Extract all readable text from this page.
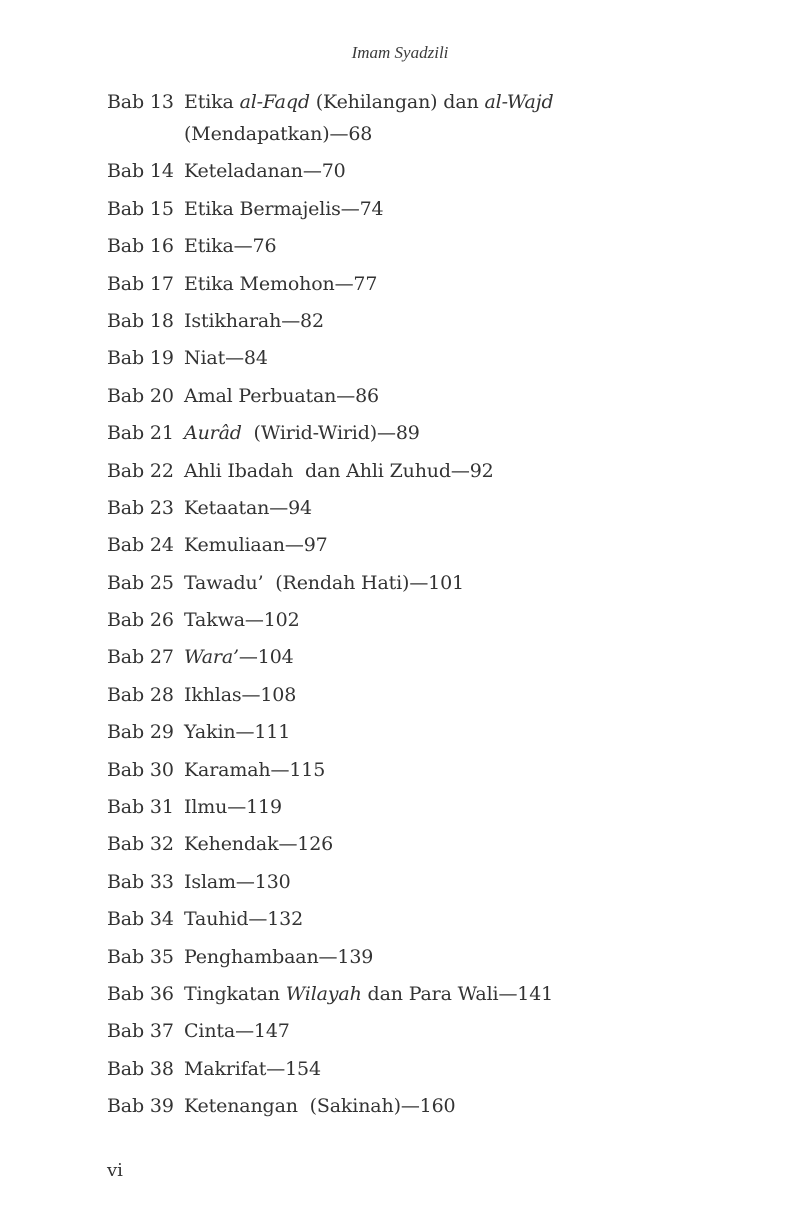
Imam Syadzili
Bab 13 Etika al-Faqd (Kehilangan) dan al-Wajd
(Mendapatkan)—68
Bab 14 Keteladanan—70
Bab 15 Etika Bermajelis—74
Bab 16 Etika—76
Bab 17 Etika Memohon—77
Bab 18 Istikharah—82
Bab 19 Niat—84
Bab 20 Amal Perbuatan—86
Bab 21 Aurâd  (Wirid-Wirid)—89
Bab 22 Ahli Ibadah  dan Ahli Zuhud—92
Bab 23 Ketaatan—94
Bab 24 Kemuliaan—97
Bab 25 Tawadu’  (Rendah Hati)—101
Bab 26 Takwa—102
Bab 27 Wara’—104
Bab 28 Ikhlas—108
Bab 29 Yakin—111
Bab 30 Karamah—115
Bab 31 Ilmu—119
Bab 32 Kehendak—126
Bab 33 Islam—130
Bab 34 Tauhid—132
Bab 35 Penghambaan—139
Bab 36 Tingkatan Wilayah dan Para Wali—141
Bab 37 Cinta—147
Bab 38 Makrifat—154
Bab 39 Ketenangan  (Sakinah)—160
vi
